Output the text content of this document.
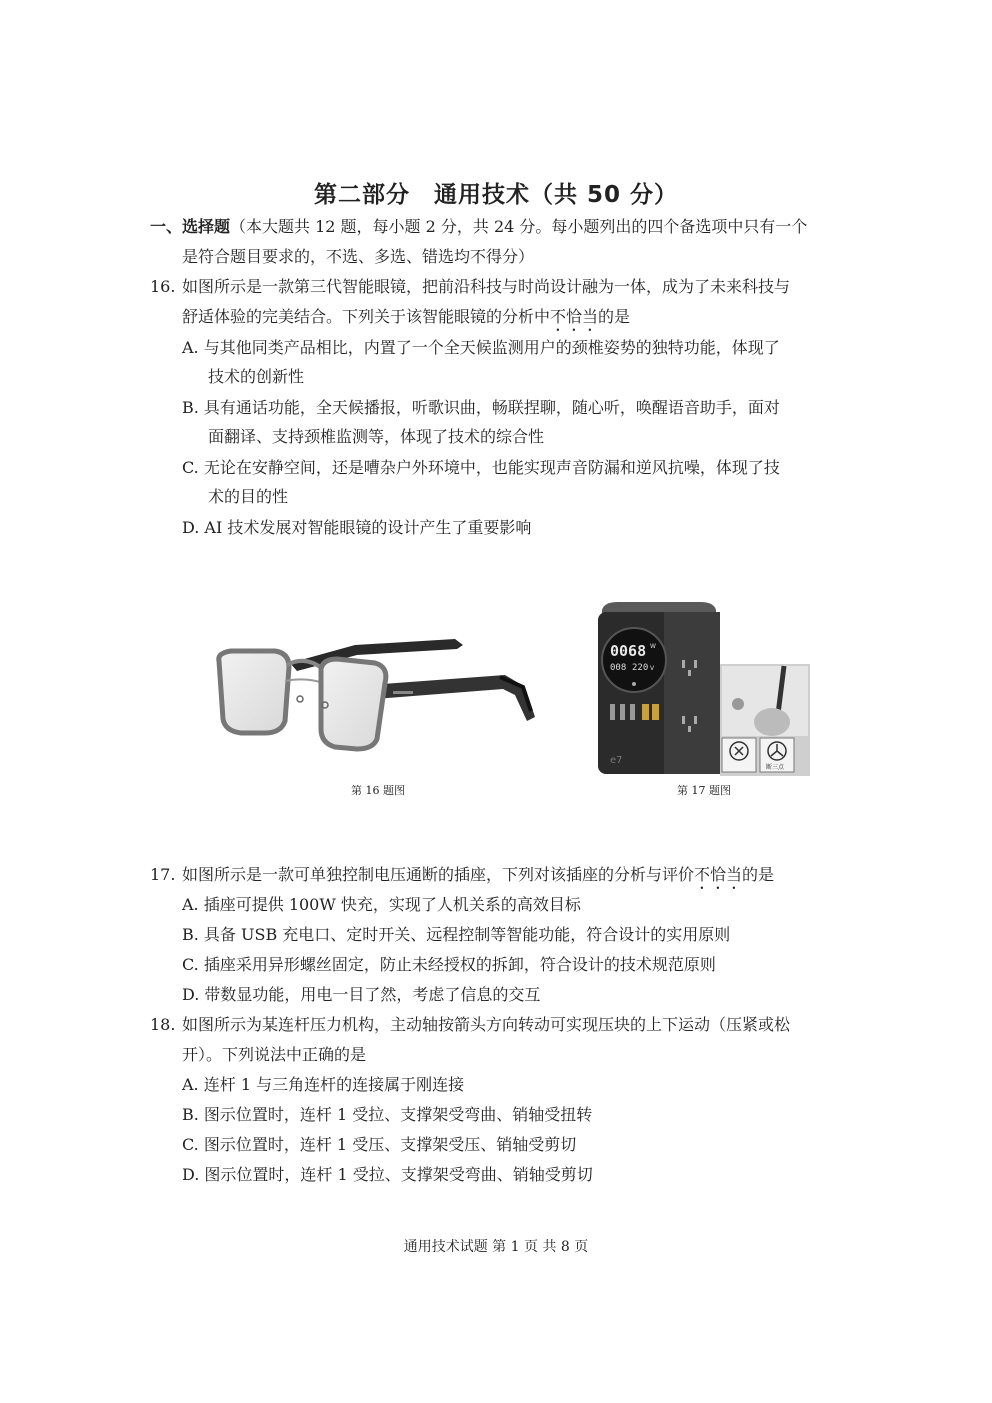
第二部分　通用技术（共 50 分）
一、选择题（本大题共 12 题，每小题 2 分，共 24 分。每小题列出的四个备选项中只有一个
是符合题目要求的，不选、多选、错选均不得分）
16. 如图所示是一款第三代智能眼镜，把前沿科技与时尚设计融为一体，成为了未来科技与
舒适体验的完美结合。下列关于该智能眼镜的分析中不恰当的是
A. 与其他同类产品相比，内置了一个全天候监测用户的颈椎姿势的独特功能，体现了
技术的创新性
B. 具有通话功能，全天候播报，听歌识曲，畅联捏聊，随心听，唤醒语音助手，面对
面翻译、支持颈椎监测等，体现了技术的综合性
C. 无论在安静空间，还是嘈杂户外环境中，也能实现声音防漏和逆风抗噪，体现了技
术的目的性
D. AI 技术发展对智能眼镜的设计产生了重要影响
第 16 题图
0068 W
008 220 V
e7
断三点
第 17 题图
17. 如图所示是一款可单独控制电压通断的插座，下列对该插座的分析与评价不恰当的是
A. 插座可提供 100W 快充，实现了人机关系的高效目标
B. 具备 USB 充电口、定时开关、远程控制等智能功能，符合设计的实用原则
C. 插座采用异形螺丝固定，防止未经授权的拆卸，符合设计的技术规范原则
D. 带数显功能，用电一目了然，考虑了信息的交互
18. 如图所示为某连杆压力机构，主动轴按箭头方向转动可实现压块的上下运动（压紧或松
开）。下列说法中正确的是
A. 连杆 1 与三角连杆的连接属于刚连接
B. 图示位置时，连杆 1 受拉、支撑架受弯曲、销轴受扭转
C. 图示位置时，连杆 1 受压、支撑架受压、销轴受剪切
D. 图示位置时，连杆 1 受拉、支撑架受弯曲、销轴受剪切
通用技术试题 第 1 页 共 8 页
